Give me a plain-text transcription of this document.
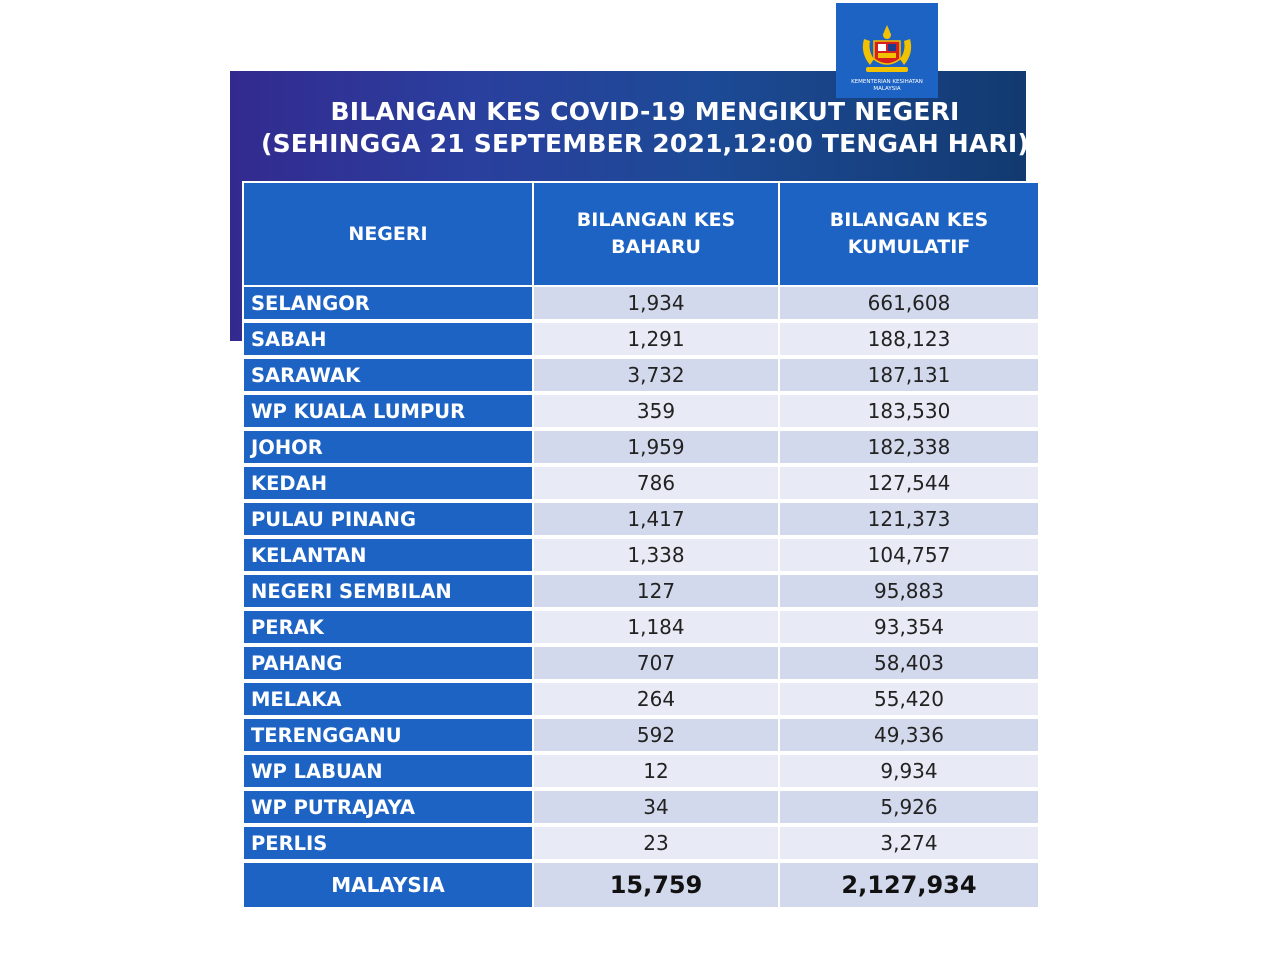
KEMENTERIAN KESIHATAN
MALAYSIA
BILANGAN KES COVID-19 MENGIKUT NEGERI
(SEHINGGA 21 SEPTEMBER 2021,12:00 TENGAH HARI)
NEGERI	BILANGAN KES BAHARU	BILANGAN KES KUMULATIF
SELANGOR	1,934	661,608
SABAH	1,291	188,123
SARAWAK	3,732	187,131
WP KUALA LUMPUR	359	183,530
JOHOR	1,959	182,338
KEDAH	786	127,544
PULAU PINANG	1,417	121,373
KELANTAN	1,338	104,757
NEGERI SEMBILAN	127	95,883
PERAK	1,184	93,354
PAHANG	707	58,403
MELAKA	264	55,420
TERENGGANU	592	49,336
WP LABUAN	12	9,934
WP PUTRAJAYA	34	5,926
PERLIS	23	3,274
MALAYSIA	15,759	2,127,934
